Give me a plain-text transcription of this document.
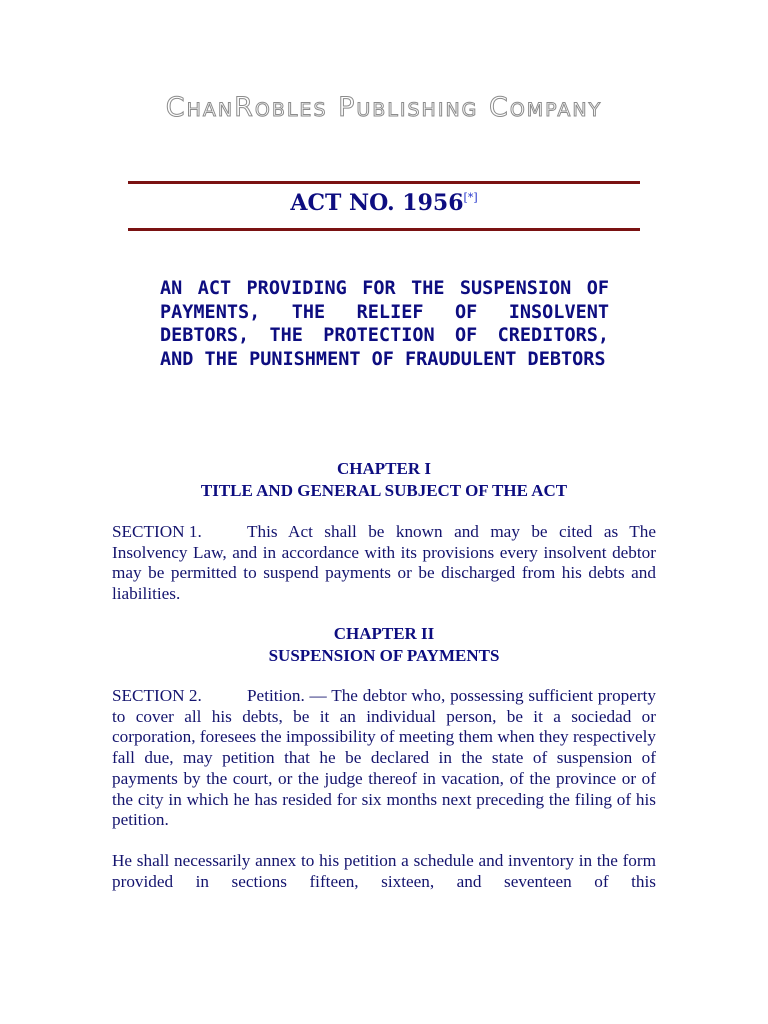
ChanRobles Publishing Company
ACT NO. 1956[*]
AN ACT PROVIDING FOR THE SUSPENSION OF PAYMENTS, THE RELIEF OF INSOLVENT DEBTORS, THE PROTECTION OF CREDITORS, AND THE PUNISHMENT OF FRAUDULENT DEBTORS
CHAPTER I
TITLE AND GENERAL SUBJECT OF THE ACT
SECTION 1.	This Act shall be known and may be cited as The Insolvency Law, and in accordance with its provisions every insolvent debtor may be permitted to suspend payments or be discharged from his debts and liabilities.
CHAPTER II
SUSPENSION OF PAYMENTS
SECTION 2.	Petition. — The debtor who, possessing sufficient property to cover all his debts, be it an individual person, be it a sociedad or corporation, foresees the impossibility of meeting them when they respectively fall due, may petition that he be declared in the state of suspension of payments by the court, or the judge thereof in vacation, of the province or of the city in which he has resided for six months next preceding the filing of his petition.
He shall necessarily annex to his petition a schedule and inventory in the form provided in sections fifteen, sixteen, and seventeen of this
